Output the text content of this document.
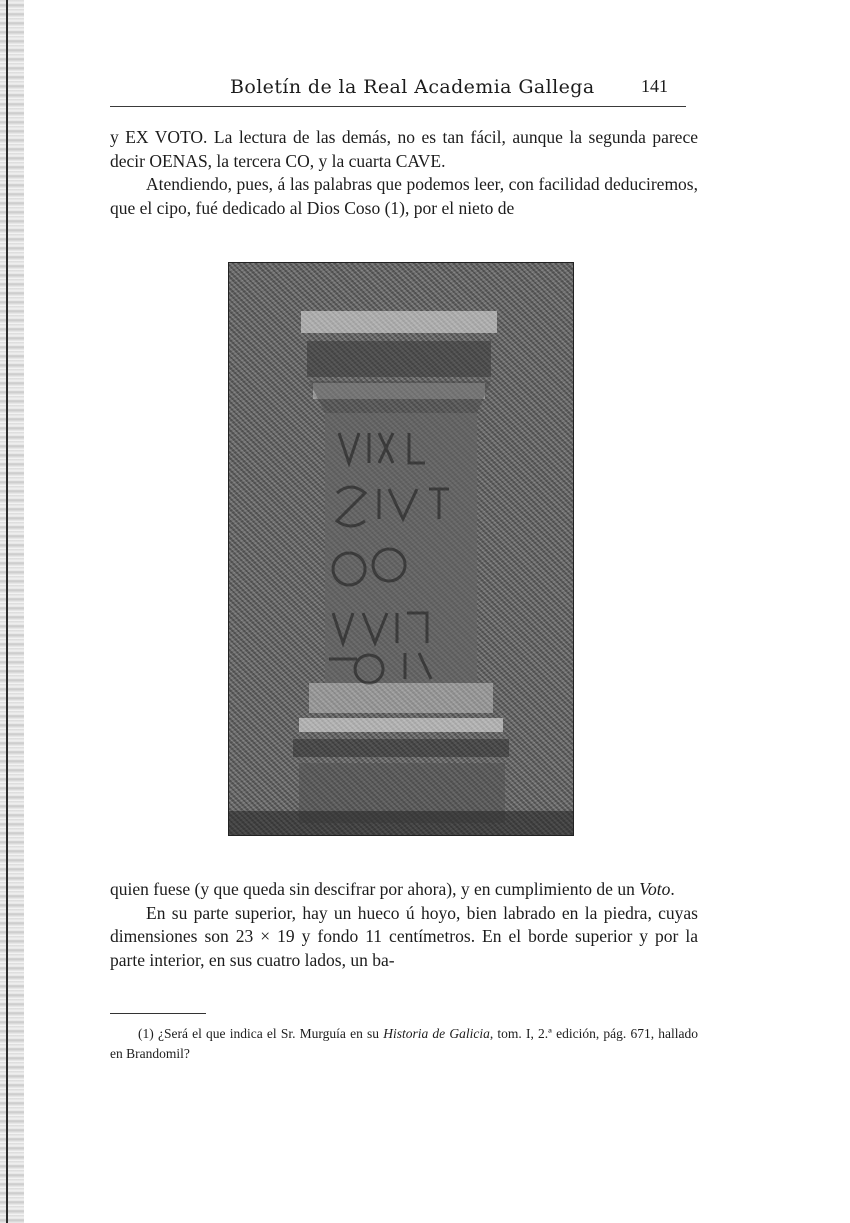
Boletín de la Real Academia Gallega	141

y EX VOTO. La lectura de las demás, no es tan fácil, aunque la segunda parece decir OENAS, la tercera CO, y la cuarta CAVE.

Atendiendo, pues, á las palabras que podemos leer, con facilidad deduciremos, que el cipo, fué dedicado al Dios Coso (1), por el nieto de

quien fuese (y que queda sin descifrar por ahora), y en cumplimiento de un Voto.

En su parte superior, hay un hueco ú hoyo, bien labrado en la piedra, cuyas dimensiones son 23 × 19 y fondo 11 centímetros. En el borde superior y por la parte interior, en sus cuatro lados, un ba-

(1) ¿Será el que indica el Sr. Murguía en su Historia de Galicia, tom. I, 2.ª edición, pág. 671, hallado en Brandomil?
